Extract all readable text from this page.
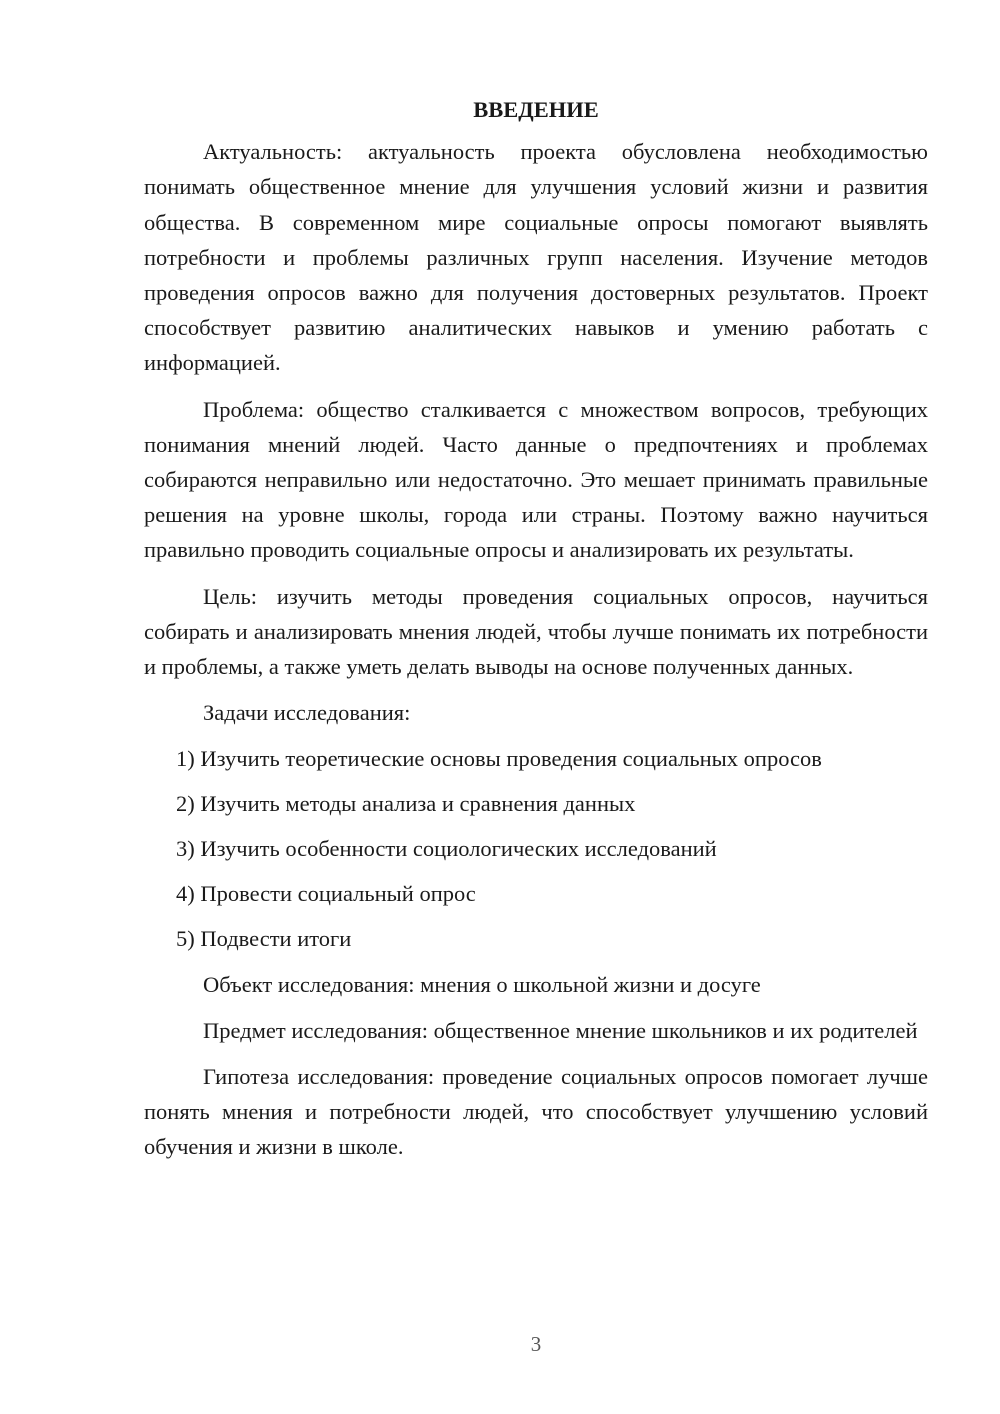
ВВЕДЕНИЕ

Актуальность: актуальность проекта обусловлена необходимостью понимать общественное мнение для улучшения условий жизни и развития общества. В современном мире социальные опросы помогают выявлять потребности и проблемы различных групп населения. Изучение методов проведения опросов важно для получения достоверных результатов. Проект способствует развитию аналитических навыков и умению работать с информацией.

Проблема: общество сталкивается с множеством вопросов, требующих понимания мнений людей. Часто данные о предпочтениях и проблемах собираются неправильно или недостаточно. Это мешает принимать правильные решения на уровне школы, города или страны. Поэтому важно научиться правильно проводить социальные опросы и анализировать их результаты.

Цель: изучить методы проведения социальных опросов, научиться собирать и анализировать мнения людей, чтобы лучше понимать их потребности и проблемы, а также уметь делать выводы на основе полученных данных.

Задачи исследования:

1) Изучить теоретические основы проведения социальных опросов
2) Изучить методы анализа и сравнения данных
3) Изучить особенности социологических исследований
4) Провести социальный опрос
5) Подвести итоги

Объект исследования: мнения о школьной жизни и досуге

Предмет исследования: общественное мнение школьников и их родителей

Гипотеза исследования: проведение социальных опросов помогает лучше понять мнения и потребности людей, что способствует улучшению условий обучения и жизни в школе.

3
